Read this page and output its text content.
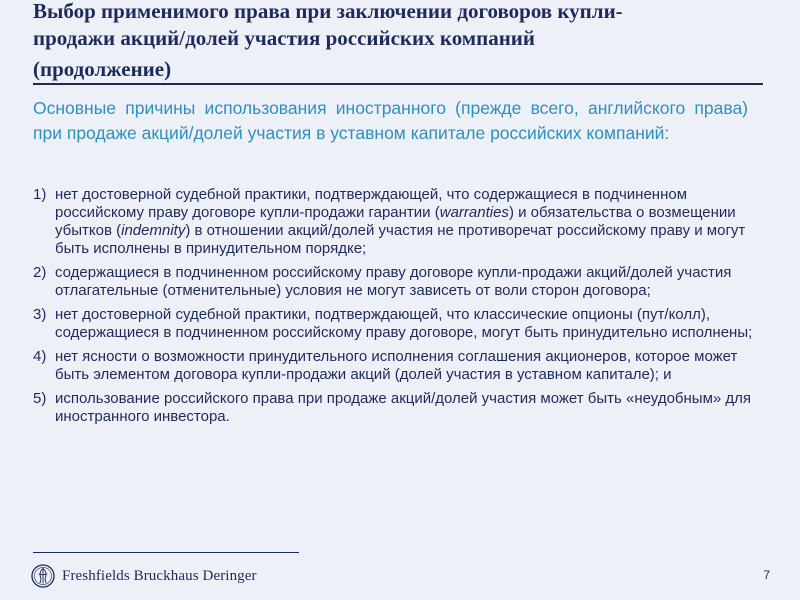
Выбор применимого права при заключении договоров купли-
продажи акций/долей участия российских компаний
(продолжение)

Основные причины использования иностранного (прежде всего, английского права) при продаже акций/долей участия в уставном капитале российских компаний:

1) нет достоверной судебной практики, подтверждающей, что содержащиеся в подчиненном российскому праву договоре купли-продажи гарантии (warranties) и обязательства о возмещении убытков (indemnity) в отношении акций/долей участия не противоречат российскому праву и могут быть исполнены в принудительном порядке;
2) содержащиеся в подчиненном российскому праву договоре купли-продажи акций/долей участия отлагательные (отменительные) условия не могут зависеть от воли сторон договора;
3) нет достоверной судебной практики, подтверждающей, что классические опционы (пут/колл), содержащиеся в подчиненном российскому праву договоре, могут быть принудительно исполнены;
4) нет ясности о возможности принудительного исполнения соглашения акционеров, которое может быть элементом договора купли-продажи акций (долей участия в уставном капитале); и
5) использование российского права при продаже акций/долей участия может быть «неудобным» для иностранного инвестора.
Freshfields Bruckhaus Deringer	7
